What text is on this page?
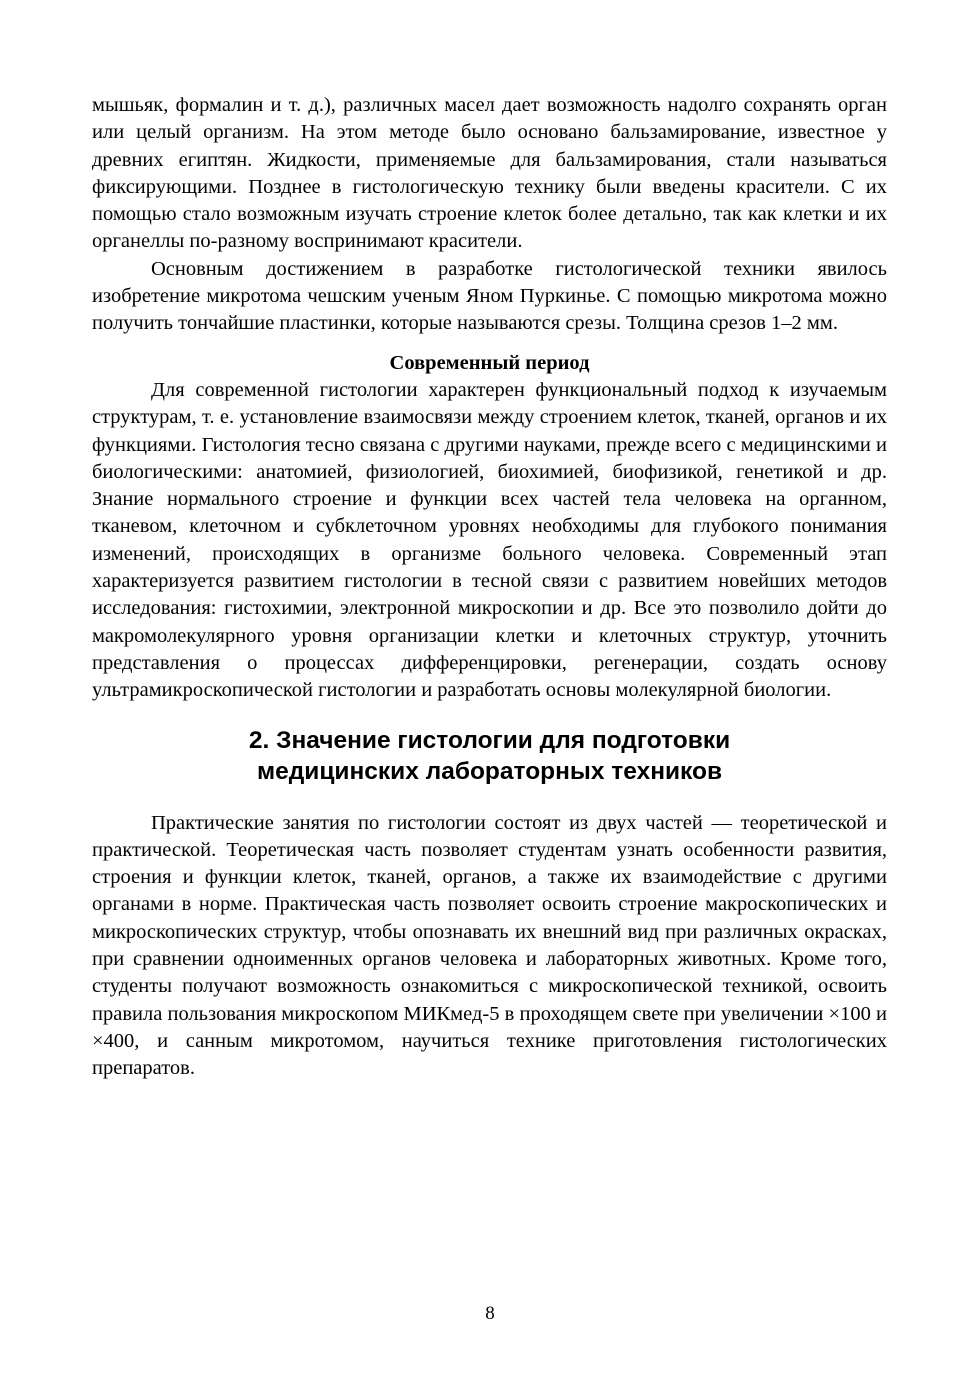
мышьяк, формалин и т. д.), различных масел дает возможность надолго сохранять орган или целый организм. На этом методе было основано бальзамирование, известное у древних египтян. Жидкости, применяемые для бальзамирования, стали называться фиксирующими. Позднее в гистологическую технику были введены красители. С их помощью стало возможным изучать строение клеток более детально, так как клетки и их органеллы по-разному воспринимают красители.

Основным достижением в разработке гистологической техники явилось изобретение микротома чешским ученым Яном Пуркинье. С помощью микротома можно получить тончайшие пластинки, которые называются срезы. Толщина срезов 1–2 мм.

Современный период

Для современной гистологии характерен функциональный подход к изучаемым структурам, т. е. установление взаимосвязи между строением клеток, тканей, органов и их функциями. Гистология тесно связана с другими науками, прежде всего с медицинскими и биологическими: анатомией, физиологией, биохимией, биофизикой, генетикой и др. Знание нормального строение и функции всех частей тела человека на органном, тканевом, клеточном и субклеточном уровнях необходимы для глубокого понимания изменений, происходящих в организме больного человека. Современный этап характеризуется развитием гистологии в тесной связи с развитием новейших методов исследования: гистохимии, электронной микроскопии и др. Все это позволило дойти до макромолекулярного уровня организации клетки и клеточных структур, уточнить представления о процессах дифференцировки, регенерации, создать основу ультрамикроскопической гистологии и разработать основы молекулярной биологии.

2. Значение гистологии для подготовки
медицинских лабораторных техников

Практические занятия по гистологии состоят из двух частей — теоретической и практической. Теоретическая часть позволяет студентам узнать особенности развития, строения и функции клеток, тканей, органов, а также их взаимодействие с другими органами в норме. Практическая часть позволяет освоить строение макроскопических и микроскопических структур, чтобы опознавать их внешний вид при различных окрасках, при сравнении одноименных органов человека и лабораторных животных. Кроме того, студенты получают возможность ознакомиться с микроскопической техникой, освоить правила пользования микроскопом МИКмед-5 в проходящем свете при увеличении ×100 и ×400, и санным микротомом, научиться технике приготовления гистологических препаратов.

8
